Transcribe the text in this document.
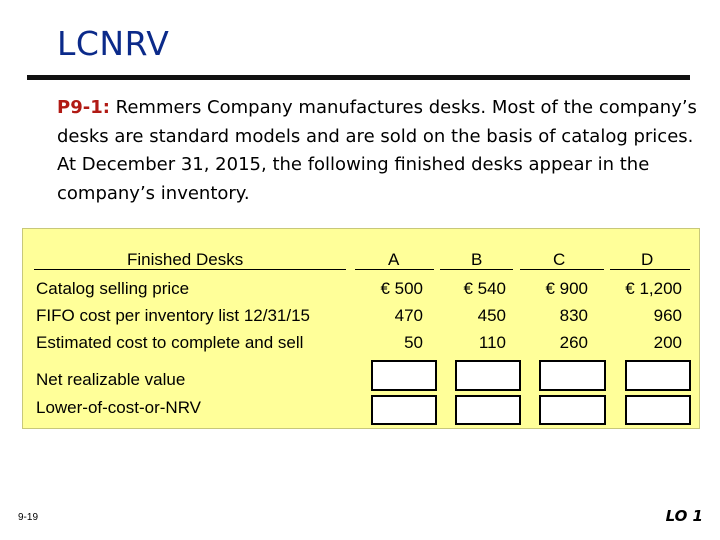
LCNRV
P9-1: Remmers Company manufactures desks. Most of the company’s desks are standard models and are sold on the basis of catalog prices. At December 31, 2015, the following finished desks appear in the company’s inventory.
Finished Desks	A	B	C	D
Catalog selling price	€ 500	€ 540	€ 900	€ 1,200
FIFO cost per inventory list 12/31/15	470	450	830	960
Estimated cost to complete and sell	50	110	260	200
Net realizable value
Lower-of-cost-or-NRV
9-19	LO 1
